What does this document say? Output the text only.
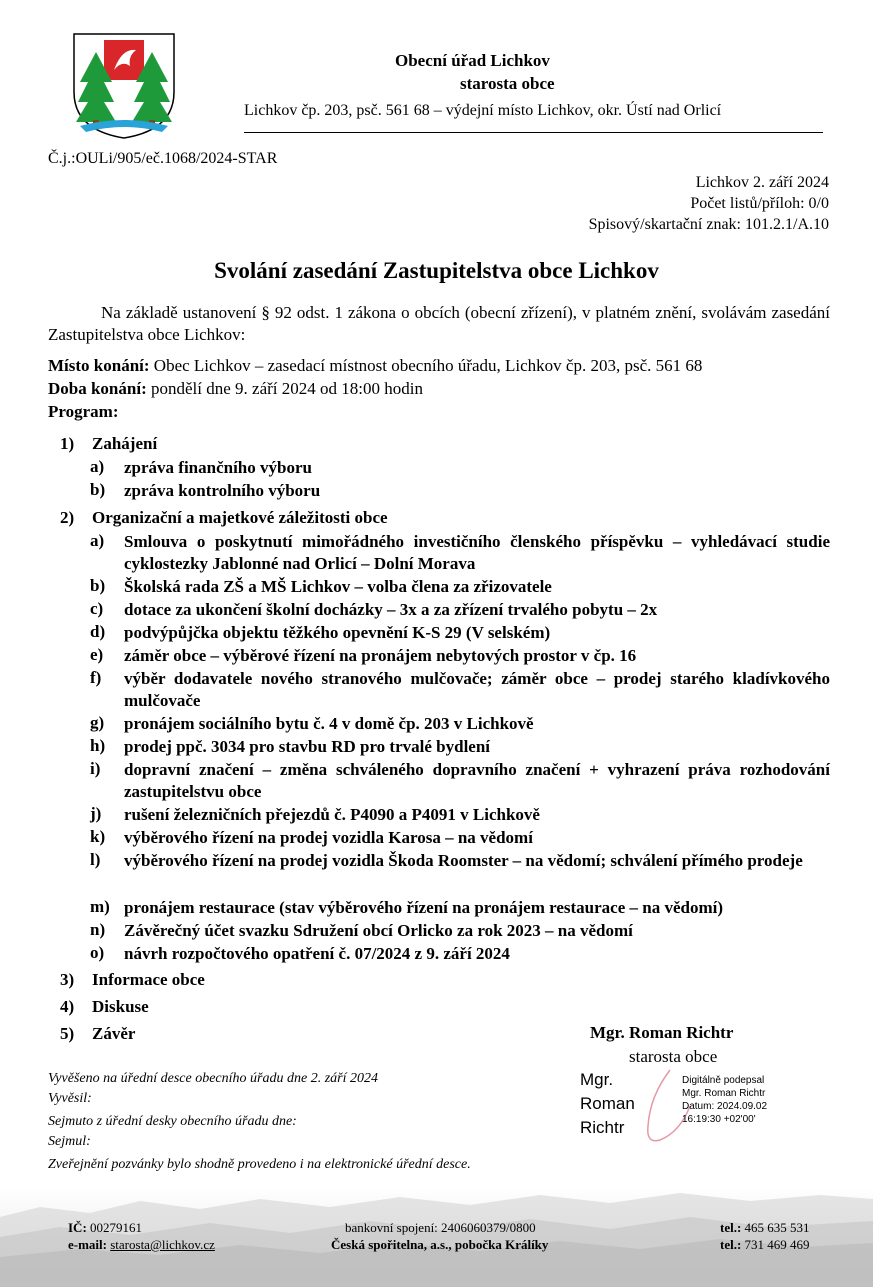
Obecní úřad Lichkov
starosta obce
Lichkov čp. 203, psč. 561 68 – výdejní místo Lichkov, okr. Ústí nad Orlicí
Č.j.:OULi/905/eč.1068/2024-STAR
Lichkov 2. září 2024
Počet listů/příloh: 0/0
Spisový/skartační znak: 101.2.1/A.10
Svolání zasedání Zastupitelstva obce Lichkov
Na základě ustanovení § 92 odst. 1 zákona o obcích (obecní zřízení), v platném znění, svolávám zasedání Zastupitelstva obce Lichkov:
Místo konání: Obec Lichkov – zasedací místnost obecního úřadu, Lichkov čp. 203, psč. 561 68
Doba konání: pondělí dne 9. září 2024 od 18:00 hodin
Program:
1) Zahájení
a) zpráva finančního výboru
b) zpráva kontrolního výboru
2) Organizační a majetkové záležitosti obce
a) Smlouva o poskytnutí mimořádného investičního členského příspěvku – vyhledávací studie cyklostezky Jablonné nad Orlicí – Dolní Morava
b) Školská rada ZŠ a MŠ Lichkov – volba člena za zřizovatele
c) dotace za ukončení školní docházky – 3x a za zřízení trvalého pobytu – 2x
d) podvýpůjčka objektu těžkého opevnění K-S 29 (V selském)
e) záměr obce – výběrové řízení na pronájem nebytových prostor v čp. 16
f) výběr dodavatele nového stranového mulčovače; záměr obce – prodej starého kladívkového mulčovače
g) pronájem sociálního bytu č. 4 v domě čp. 203 v Lichkově
h) prodej ppč. 3034 pro stavbu RD pro trvalé bydlení
i) dopravní značení – změna schváleného dopravního značení + vyhrazení práva rozhodování zastupitelstvu obce
j) rušení železničních přejezdů č. P4090 a P4091 v Lichkově
k) výběrového řízení na prodej vozidla Karosa – na vědomí
l) výběrového řízení na prodej vozidla Škoda Roomster – na vědomí; schválení přímého prodeje
m) pronájem restaurace (stav výběrového řízení na pronájem restaurace – na vědomí)
n) Závěrečný účet svazku Sdružení obcí Orlicko za rok 2023 – na vědomí
o) návrh rozpočtového opatření č. 07/2024 z 9. září 2024
3) Informace obce
4) Diskuse
5) Závěr	Mgr. Roman Richtr
starosta obce
Mgr.
Roman
Richtr
Digitálně podepsal
Mgr. Roman Richtr
Datum: 2024.09.02
16:19:30 +02'00'
Vyvěšeno na úřední desce obecního úřadu dne 2. září 2024
Vyvěsil:
Sejmuto z úřední desky obecního úřadu dne:
Sejmul:
Zveřejnění pozvánky bylo shodně provedeno i na elektronické úřední desce.
IČ: 00279161
e-mail: starosta@lichkov.cz
bankovní spojení: 2406060379/0800
Česká spořitelna, a.s., pobočka Králíky
tel.: 465 635 531
tel.: 731 469 469
